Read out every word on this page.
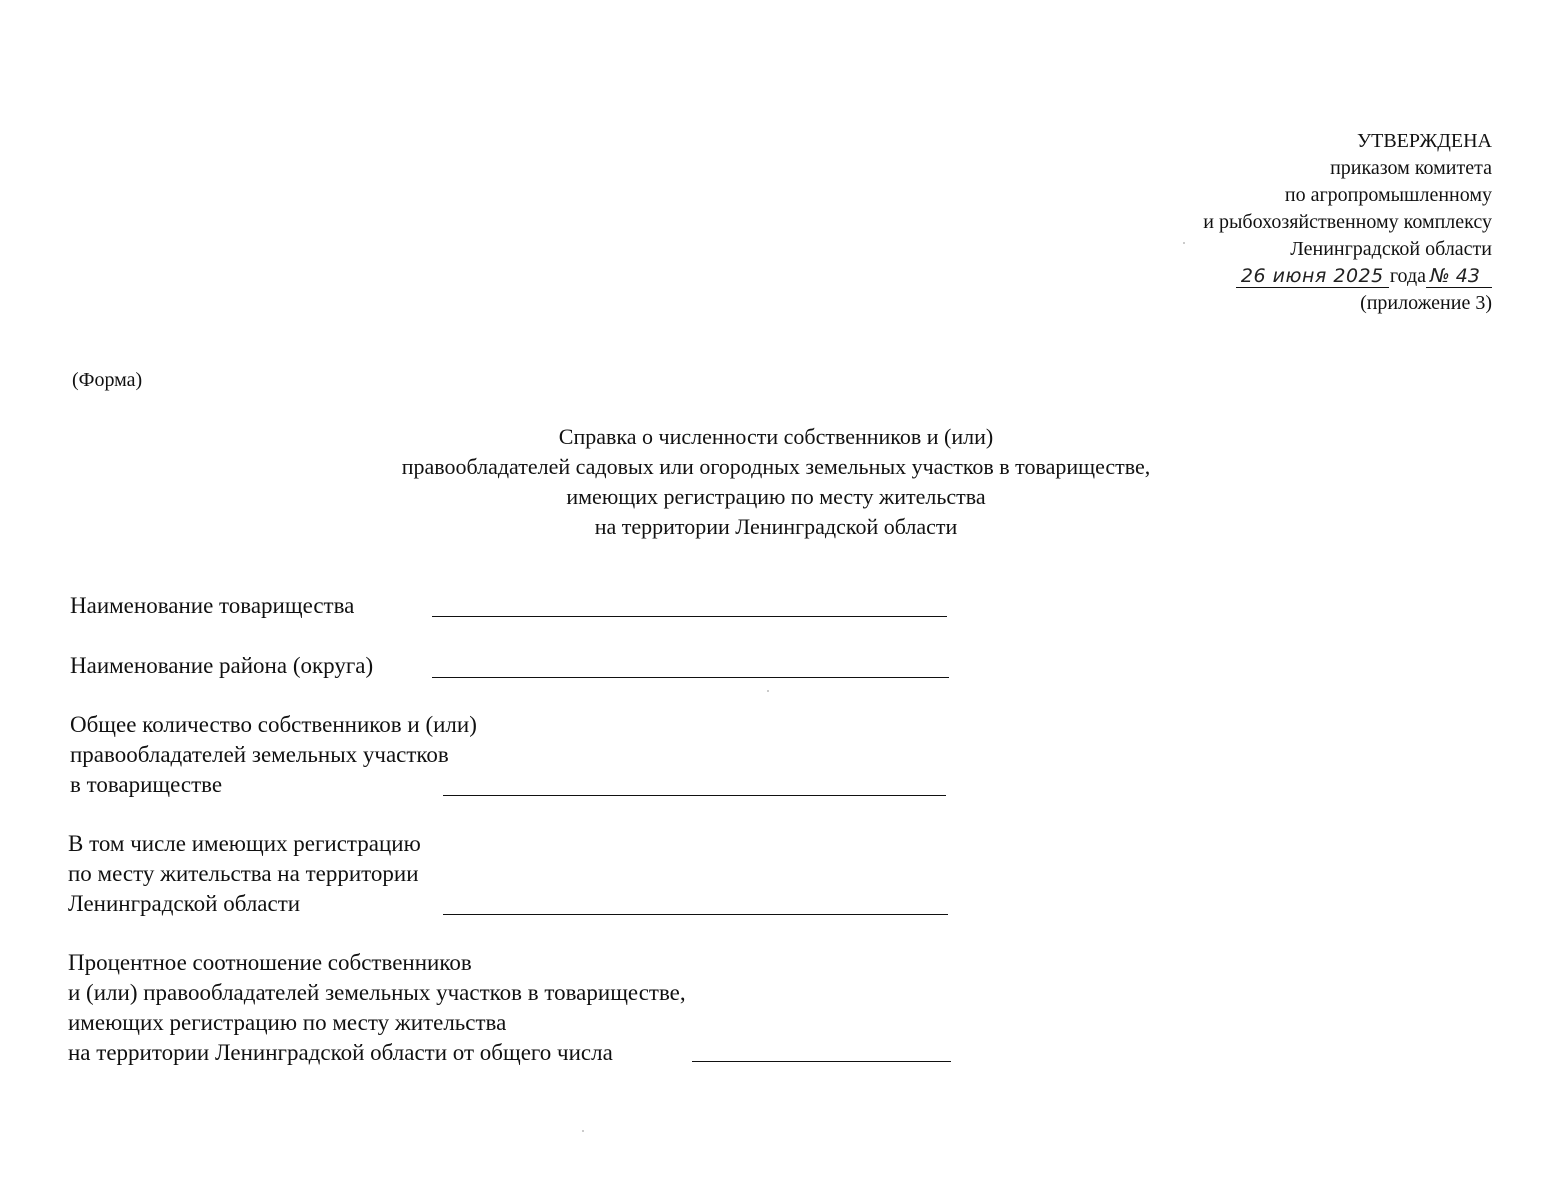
УТВЕРЖДЕНА
приказом комитета
по агропромышленному
и рыбохозяйственному комплексу
Ленинградской области
26 июня 2025 года № 43
(приложение 3)
(Форма)
Справка о численности собственников и (или)
правообладателей садовых или огородных земельных участков в товариществе,
имеющих регистрацию по месту жительства
на территории Ленинградской области
Наименование товарищества
Наименование района (округа)
Общее количество собственников и (или)
правообладателей земельных участков
в товариществе
В том числе имеющих регистрацию
по месту жительства на территории
Ленинградской области
Процентное соотношение собственников
и (или) правообладателей земельных участков в товариществе,
имеющих регистрацию по месту жительства
на территории Ленинградской области от общего числа
